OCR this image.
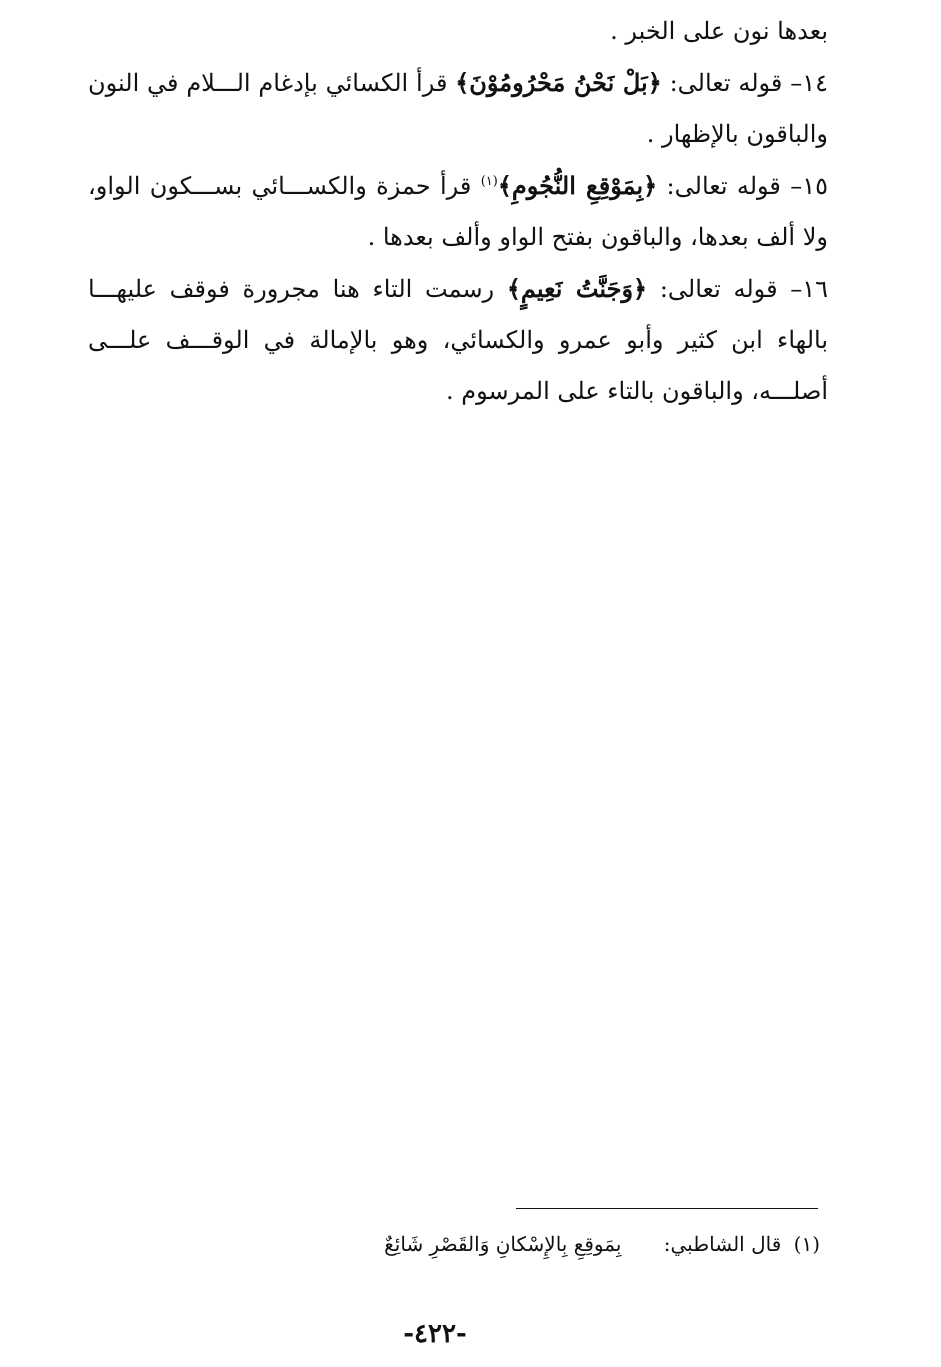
بعدها نون على الخبر .

١٤– قوله تعالى: ﴿بَلْ نَحْنُ مَحْرُومُوْنَ﴾ قرأ الكسائي بإدغام الـــلام في النون والباقون بالإظهار .

١٥– قوله تعالى: ﴿بِمَوْقِعِ النُّجُومِ﴾$^{(١)}$ قرأ حمزة والكســـائي بســـكون الواو، ولا ألف بعدها، والباقون بفتح الواو وألف بعدها .

١٦– قوله تعالى: ﴿وَجَنَّتُ نَعِيمٍ﴾ رسمت التاء هنا مجرورة فوقف عليهـــا بالهاء ابن كثير وأبو عمرو والكسائي، وهو بالإمالة في الوقـــف علـــى أصلـــه، والباقون بالتاء على المرسوم .

(١) قال الشاطبي: بِمَوقِعِ بِالإِسْكانِ وَالقَصْرِ شَائِعٌ
-٤٢٢-
